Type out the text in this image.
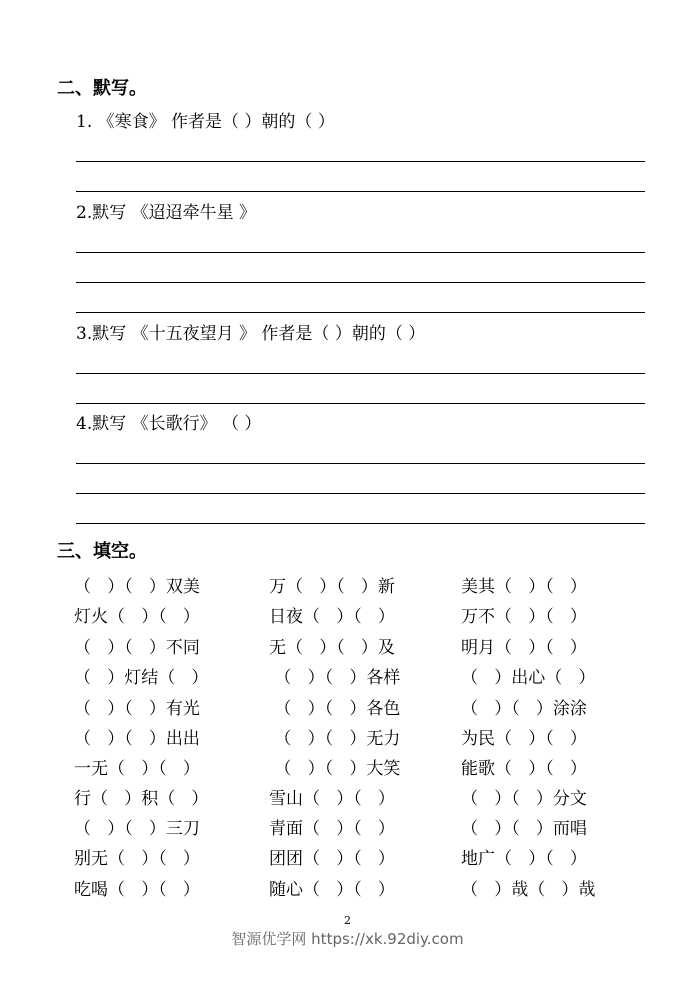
二、默写。
1. 《寒食》 作者是（ ）朝的（ ）
2.默写 《迢迢牵牛星 》
3.默写 《十五夜望月 》 作者是（ ）朝的（ ）
4.默写 《长歌行》 （ ）
三、填空。
（   ）（   ）双美	万（   ）（   ）新	美其（   ）（   ）
灯火（   ）（   ）	日夜（   ）（   ）	万不（   ）（   ）
（   ）（   ）不同	无（   ）（   ）及	明月（   ）（   ）
（   ）灯结（   ）	（   ）（   ）各样	（   ）出心（   ）
（   ）（   ）有光	（   ）（   ）各色	（   ）（   ）涂涂
（   ）（   ）出出	（   ）（   ）无力	为民（   ）（   ）
一无（   ）（   ）	（   ）（   ）大笑	能歌（   ）（   ）
行（   ）积（   ）	雪山（   ）（   ）	（   ）（   ）分文
（   ）（   ）三刀	青面（   ）（   ）	（   ）（   ）而唱
别无（   ）（   ）	团团（   ）（   ）	地广（   ）（   ）
吃喝（   ）（   ）	随心（   ）（   ）	（   ）哉（   ）哉
2
智源优学网 https://xk.92diy.com
